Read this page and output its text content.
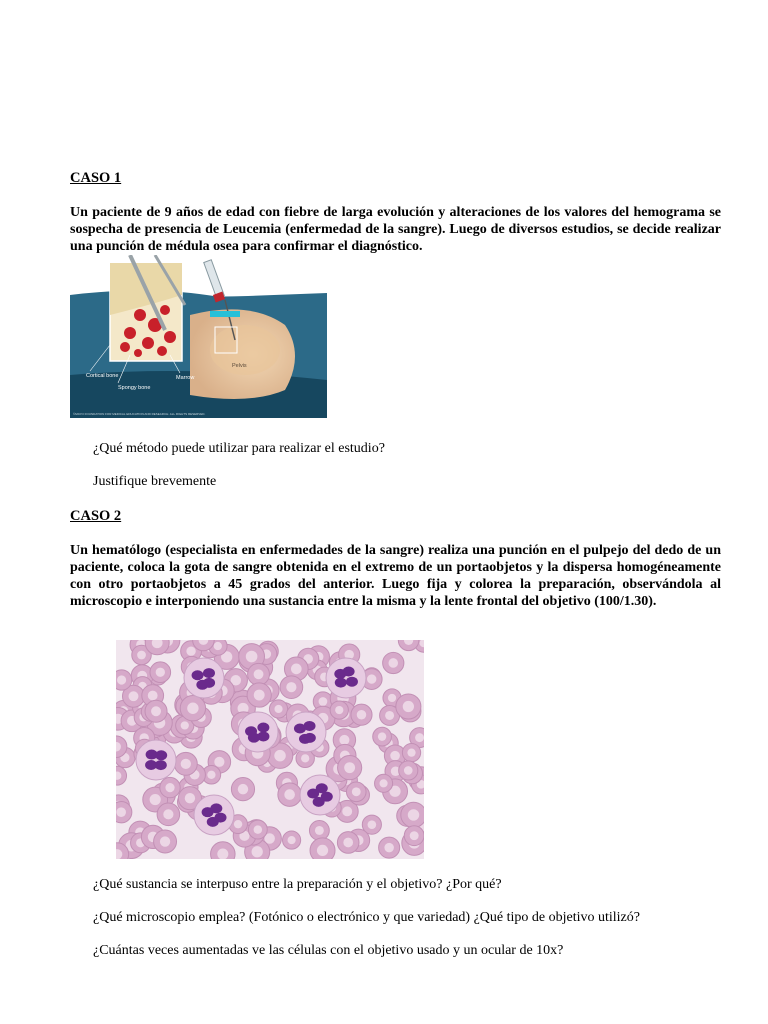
CASO 1

Un paciente de 9 años de edad con fiebre de larga evolución y alteraciones de los valores del hemograma se sospecha de presencia de Leucemia (enfermedad de la sangre). Luego de diversos estudios, se decide realizar una punción de médula osea para confirmar el diagnóstico.

Cortical bone
Spongy bone
Marrow
Pelvis
©MAYO FOUNDATION FOR MEDICAL EDUCATION AND RESEARCH. ALL RIGHTS RESERVED.

¿Qué método puede utilizar para realizar el estudio?

Justifique brevemente

CASO 2

Un hematólogo (especialista en enfermedades de la sangre) realiza una punción en el pulpejo del dedo de un paciente, coloca la gota de sangre obtenida en el extremo de un portaobjetos y la dispersa homogéneamente con otro portaobjetos a 45 grados del anterior. Luego fija y colorea la preparación, observándola al microscopio e interponiendo una sustancia entre la misma y la lente frontal del objetivo (100/1.30).

¿Qué sustancia se interpuso entre la preparación y el objetivo? ¿Por qué?

¿Qué microscopio emplea? (Fotónico o electrónico y que variedad) ¿Qué tipo de objetivo utilizó?

¿Cuántas veces aumentadas ve las células con el objetivo usado y un ocular de 10x?
